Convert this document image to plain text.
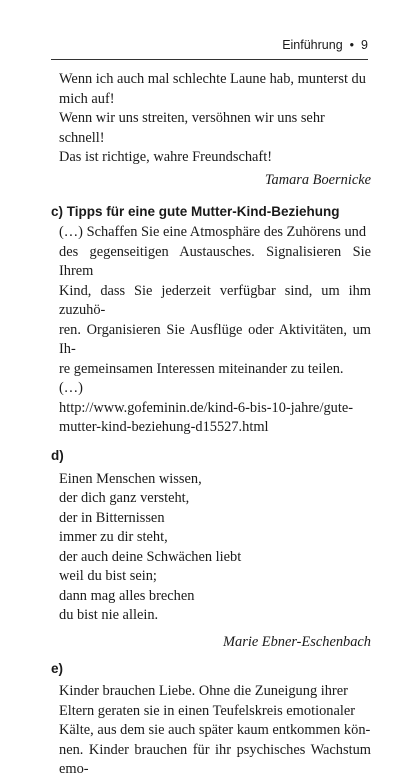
Einführung • 9

Wenn ich auch mal schlechte Laune hab, munterst du

mich auf!

Wenn wir uns streiten, versöhnen wir uns sehr

schnell!

Das ist richtige, wahre Freundschaft!

Tamara Boernicke

c) Tipps für eine gute Mutter-Kind-Beziehung

(…) Schaffen Sie eine Atmosphäre des Zuhörens und

des gegenseitigen Austausches. Signalisieren Sie Ihrem

Kind, dass Sie jederzeit verfügbar sind, um ihm zuzuhö-

ren. Organisieren Sie Ausflüge oder Aktivitäten, um Ih-

re gemeinsamen Interessen miteinander zu teilen. (…)

http://www.gofeminin.de/kind-6-bis-10-jahre/gute-

mutter-kind-beziehung-d15527.html

d)

Einen Menschen wissen,
der dich ganz versteht,
der in Bitternissen
immer zu dir steht,
der auch deine Schwächen liebt
weil du bist sein;
dann mag alles brechen
du bist nie allein.

Marie Ebner-Eschenbach

e)

Kinder brauchen Liebe. Ohne die Zuneigung ihrer

Eltern geraten sie in einen Teufelskreis emotionaler

Kälte, aus dem sie auch später kaum entkommen kön-

nen. Kinder brauchen für ihr psychisches Wachstum emo-
